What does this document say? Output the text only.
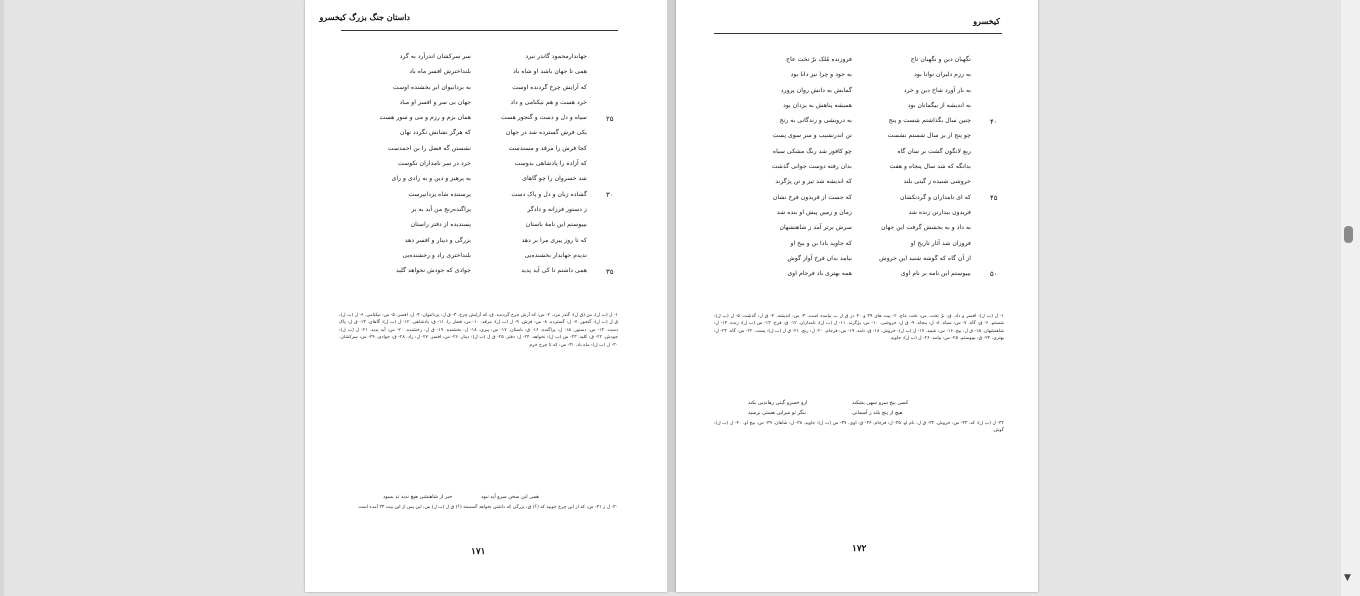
داستان جنگ بزرگ کیخسرو
جهاندارمحمود گاندر نبرد
همی تا جهان باشد او شاه باد
که آرایش چرخ گردنده اوست
خرد هست و هم نیکنامی و داد
سپاه و دل و دست و گنجور هست
یکی فرش گسترده شد در جهان
کجا فرش را مرقد و مسندست
که آزاده را پادشاهی بدوست
شد خسروان را چو گاهای
گشاده زبان و دل و پاک دست
ز دستور فرزانه و دادگر
بپیوستم این نامهٔ باستان
که تا روز پیری مرا بر دهد
ندیدم جهاندار بخشنده‌یی
همی داشتم تا کی آید پدید
سر سرکشان اندرآرد به گرد
بلنداخترش افسر ماه باد
به بزدانیوان ابر بخشنده اوست
جهان بی سر و افسر او مباد
همان بزم و رزم و می و سور هست
که هرگز نشانش نگردد نهان
نشستن گه فضل را بن احمدست
خرد در سر نامداران نکوست
به پرهیز و دین و به رادی و رای
پرستنده شاه یزدانپرست
پراگنده‌رنج من آید به بر
پسندیده از دفتر راستان
بزرگی و دینار و افسر دهد
بلنداختری راد و رخشنده‌یی
جوادی که جودش نخواهد گلید
۲۵
۳۰
۳۵
۱- ل (ب ل)، س (ق ل): گندر نبرد. ۲- س: که آرش چرخ گردنده. ق: که آرایش چرخ. ۳- ق ل: یزدانیوان. ۴- ل: افسر. ۵- س: نیکنامی. ۶- ل (ب ل)، ق ل (ب ل): گنجور. ۷- ل: گسترده. ۸- س: فرش. ۹- ل (ب ل): مرقد. ۱۰- س: فضل را. ۱۱- ق: پادشاهی. ۱۲- ل (ب ل): گاهای. ۱۳- ق ل: پاک دست. ۱۴- س: دستور. ۱۵- ل: پراگنده. ۱۶- ق: باستان. ۱۷- س: پیری. ۱۸- ل: بخشنده. ۱۹- ق ل: رخشنده. ۲۰- س: آید پدید. ۲۱- ل (ب ل): جودش. ۲۲- ق: کلید. ۲۳- س (ب ل): نخواهد. ۲۴- ل: دفتر. ۲۵- ق ل (ب ل): دینار. ۲۶- س: افسر. ۲۷- ل: راد. ۲۸- ق: جوادی. ۲۹- س: سرکشان. ۳۰- ل (ب ل): ماه باد. ۳۱- س: که تا چرخ خرم
همی این سخن سرو آید نبود
خبر از شاهنشی هیچ ندید ند بسود
۳۰- ل ز ۳۱- س: که از این چرخ خوبید که (؟) ق: بزرگی که داشتن نخواهد گسسته (؟) ق ل (ب ل) س: این پس از این بیت ۳۳ آمده است
۱۷۱
کیخسرو
نگهبان دین و نگهبان تاج
به رزم دلیران توانا بود
به بار آورد شاخ دین و خرد
به اندیشه از بیگمانان بود
چنین سال بگذاشتم شست و پنج
چو پنج از بر سال شستم نشست
ربع لانگون گشت بر سان گاه
بدانگه که شد سال پنجاه و هفت
خروشی شنیده ز گیتی بلند
که ای نامداران و گردنکشان
فریدون بیدارتن زنده شد
به داد و به بخشش گرفت این جهان
فروزان شد آثار تاریخ او
از آن گاه که گوشه شنید این خروش
بپیوستم این نامه بر نام اوی
فروزنده مُلک برّ تخت عاج
به جود و چرا نیز دانا بود
گمانش به دانش روان پرورد
همیشه پناهش به یزدان بود
به درویشی و زندگانی به رنج
تن اندرنشیب و سر سوی پست
چو کافور شد رنگ مشکی سیاه
بدان رفته دوست جوانی گذشت
که اندیشه شد تیز و تن پژگزند
که جست از فریدون فرخ نشان
زمان و زمین پیش او بنده شد
سرش برتر آمد ز شاهنشهان
که جاوید بادا بن و بیخ او
بیامد بدان فرخ آواز گوش
همه بهتری باد فرجام اوی
۴۰
۴۵
۵۰
۱- ل (ب ل): افسر و داد. ق: برّ تخت. س: تخت عاج. ۲- بیت های ۳۹ و ۴۰ در ق ل ب نیامده است. ۳- س: اندیشه. ۴- ق ل: گذشت. ۵- ل (ب ل): شستم. ۶- ق: گاه. ۷- س: سیاه. ۸- ل: پنجاه. ۹- ق ل: خروشی. ۱۰- س: پژگزند. ۱۱- ل (ب ل): نامداران. ۱۲- ق: فرخ. ۱۳- س (ب ل): زنده. ۱۴- ل: شاهنشهان. ۱۵- ق ل: بیخ. ۱۶- س: شنید. ۱۷- ل (ب ل): خروش. ۱۸- ق: نامه. ۱۹- س: فرجام. ۲۰- ل: رنج. ۲۱- ق ل (ب ل): پست. ۲۲- س: گاه. ۲۳- ل: بهتری. ۲۴- ق: بپیوستم. ۲۵- س: بیامد. ۲۶- ل (ب ل): جاوید.
کسی بیخ سرو سهی بشکند
ازو خسرو گیتی رهاندیی بکند
هیچ از پنج بلند ز آسمانی
بنگر تو سرایی هستی نرسید
۳۲- ل (ب ل): که. ۳۳- س: خروش. ۳۴- ق ل: نام او. ۳۵- ل: فرجام. ۳۶- ق: اوی. ۳۷- س (ب ل): جاوید. ۳۸- ل: شاهان. ۳۹- س: بیخ او. ۴۰- ل (ب ل): گوش.
۱۷۲
▼
